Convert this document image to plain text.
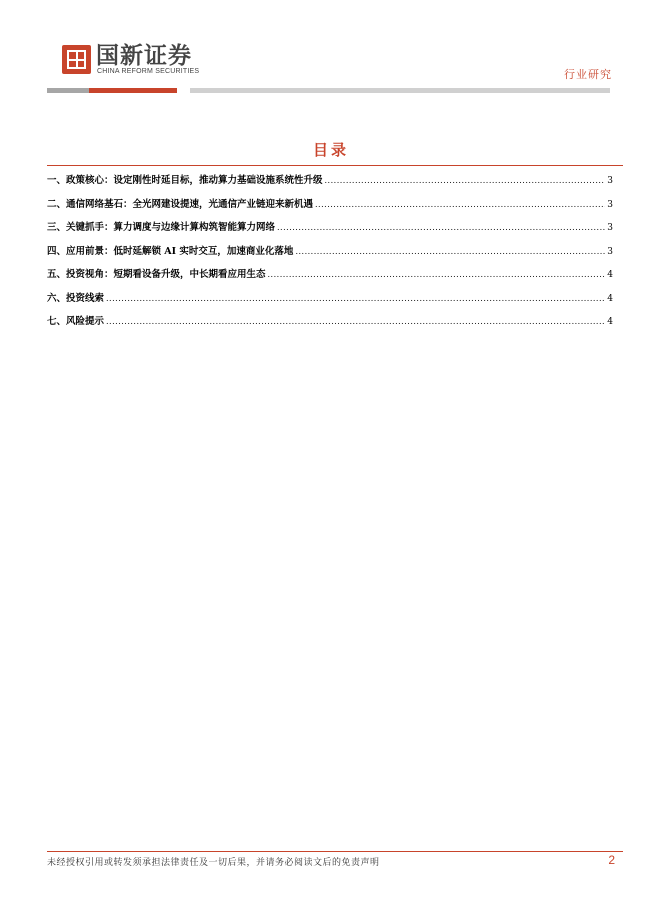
国新证券
CHINA REFORM SECURITIES	行业研究
目录
一、政策核心：设定刚性时延目标，推动算力基础设施系统性升级 .....	3
二、通信网络基石：全光网建设提速，光通信产业链迎来新机遇 .....	3
三、关键抓手：算力调度与边缘计算构筑智能算力网络 .....	3
四、应用前景：低时延解锁 AI 实时交互，加速商业化落地 .....	3
五、投资视角：短期看设备升级，中长期看应用生态 .....	4
六、投资线索 .....	4
七、风险提示 .....	4
未经授权引用或转发须承担法律责任及一切后果，并请务必阅读文后的免责声明	2
